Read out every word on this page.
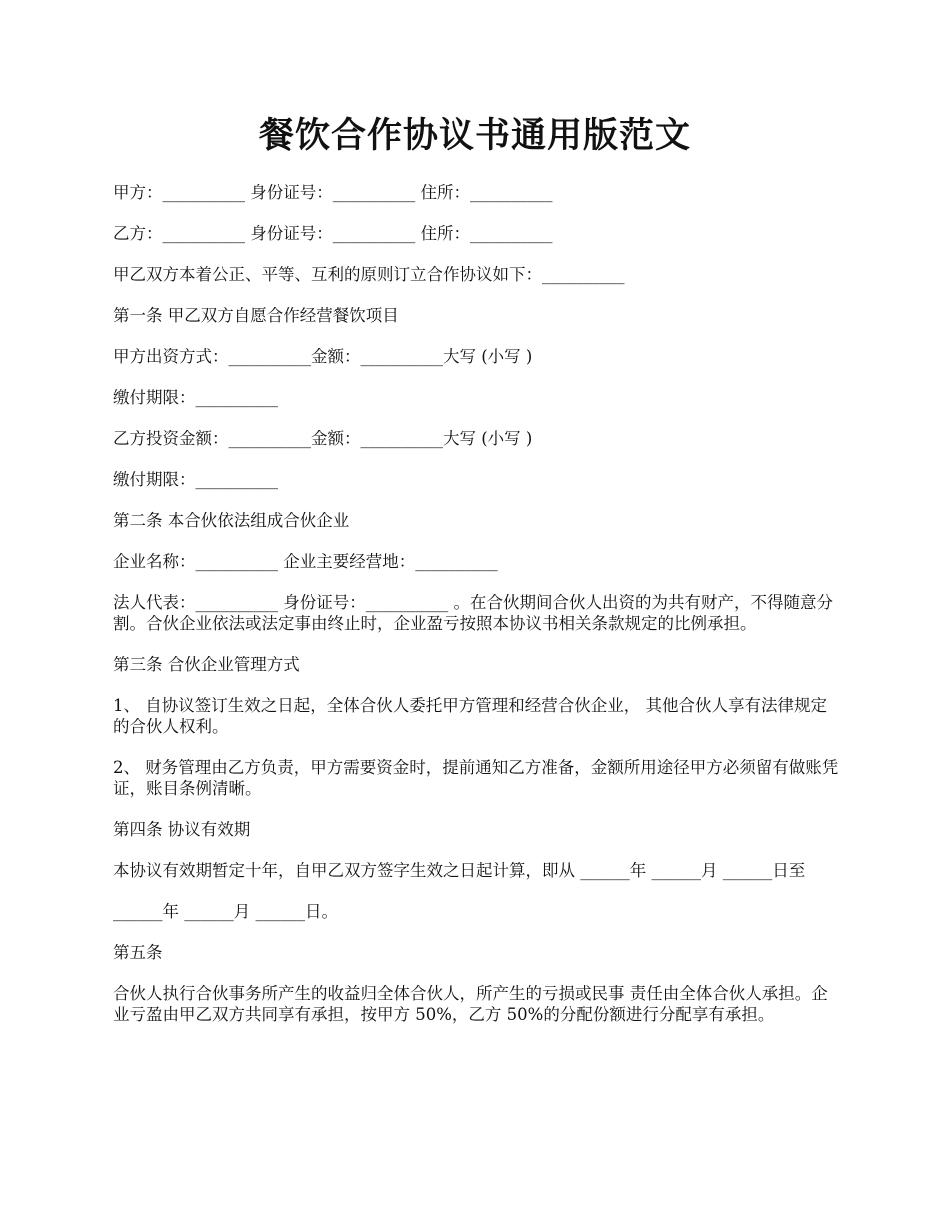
餐饮合作协议书通用版范文

甲方：__________ 身份证号：__________ 住所：__________

乙方：__________ 身份证号：__________ 住所：__________

甲乙双方本着公正、平等、互利的原则订立合作协议如下：__________

第一条 甲乙双方自愿合作经营餐饮项目

甲方出资方式：__________金额：__________大写 (小写 )

缴付期限：__________

乙方投资金额：__________金额：__________大写 (小写 )

缴付期限：__________

第二条 本合伙依法组成合伙企业

企业名称：__________ 企业主要经营地：__________

法人代表：__________ 身份证号：__________ 。在合伙期间合伙人出资的为共有财产，不得随意分割。合伙企业依法或法定事由终止时，企业盈亏按照本协议书相关条款规定的比例承担。

第三条 合伙企业管理方式

1、 自协议签订生效之日起，全体合伙人委托甲方管理和经营合伙企业， 其他合伙人享有法律规定的合伙人权利。

2、 财务管理由乙方负责，甲方需要资金时，提前通知乙方准备，金额所用途径甲方必须留有做账凭证，账目条例清晰。

第四条 协议有效期

本协议有效期暂定十年，自甲乙双方签字生效之日起计算，即从 ______年 ______月 ______日至

______年 ______月 ______日。

第五条

合伙人执行合伙事务所产生的收益归全体合伙人，所产生的亏损或民事 责任由全体合伙人承担。企业亏盈由甲乙双方共同享有承担，按甲方 50%，乙方 50%的分配份额进行分配享有承担。
